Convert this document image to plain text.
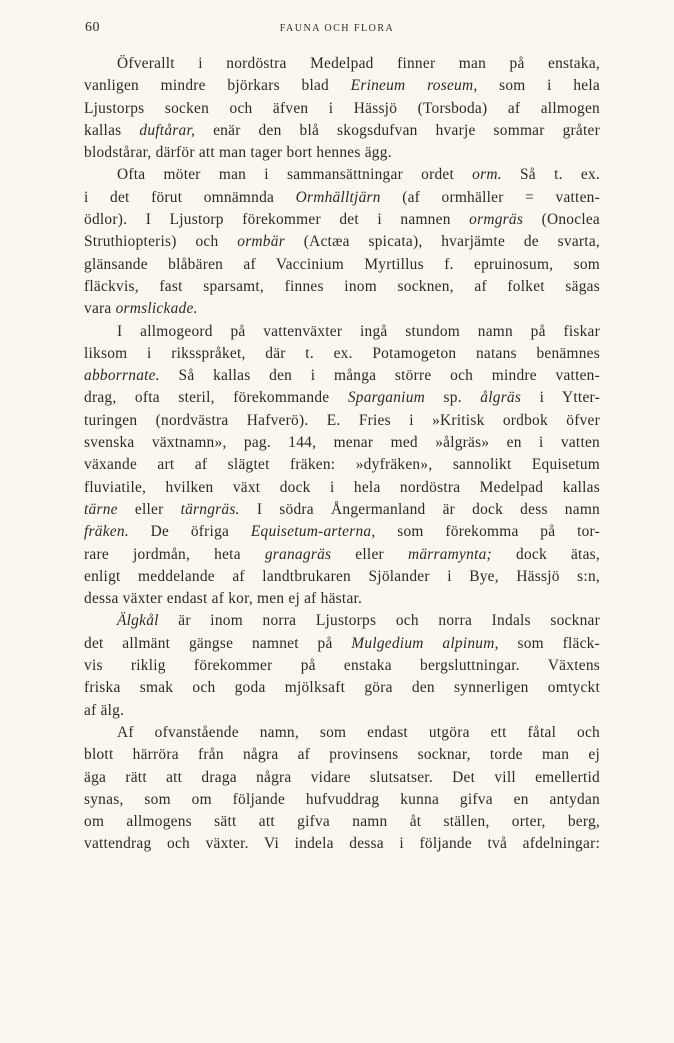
60	FAUNA OCH FLORA
Öfverallt i nordöstra Medelpad finner man på enstaka,
vanligen mindre björkars blad Erineum roseum, som i hela
Ljustorps socken och äfven i Hässjö (Torsboda) af allmogen
kallas duftårar, enär den blå skogsdufvan hvarje sommar gråter
blodstårar, därför att man tager bort hennes ägg.
Ofta möter man i sammansättningar ordet orm. Så t. ex.
i det förut omnämnda Ormhälltjärn (af ormhäller = vatten-
ödlor). I Ljustorp förekommer det i namnen ormgräs (Onoclea
Struthiopteris) och ormbär (Actæa spicata), hvarjämte de svarta,
glänsande blåbären af Vaccinium Myrtillus f. epruinosum, som
fläckvis, fast sparsamt, finnes inom socknen, af folket sägas
vara ormslickade.
I allmogeord på vattenväxter ingå stundom namn på fiskar
liksom i riksspråket, där t. ex. Potamogeton natans benämnes
abborrnate. Så kallas den i många större och mindre vatten-
drag, ofta steril, förekommande Sparganium sp. ålgräs i Ytter-
turingen (nordvästra Hafverö). E. Fries i »Kritisk ordbok öfver
svenska växtnamn», pag. 144, menar med »ålgräs» en i vatten
växande art af slägtet fräken: »dyfräken», sannolikt Equisetum
fluviatile, hvilken växt dock i hela nordöstra Medelpad kallas
tärne eller tärngräs. I södra Ångermanland är dock dess namn
fräken. De öfriga Equisetum-arterna, som förekomma på tor-
rare jordmån, heta granagräs eller märramynta; dock ätas,
enligt meddelande af landtbrukaren Sjölander i Bye, Hässjö s:n,
dessa växter endast af kor, men ej af hästar.
Älgkål är inom norra Ljustorps och norra Indals socknar
det allmänt gängse namnet på Mulgedium alpinum, som fläck-
vis riklig förekommer på enstaka bergsluttningar. Växtens
friska smak och goda mjölksaft göra den synnerligen omtyckt
af älg.
Af ofvanstående namn, som endast utgöra ett fåtal och
blott härröra från några af provinsens socknar, torde man ej
äga rätt att draga några vidare slutsatser. Det vill emellertid
synas, som om följande hufvuddrag kunna gifva en antydan
om allmogens sätt att gifva namn åt ställen, orter, berg,
vattendrag och växter. Vi indela dessa i följande två afdelningar:
